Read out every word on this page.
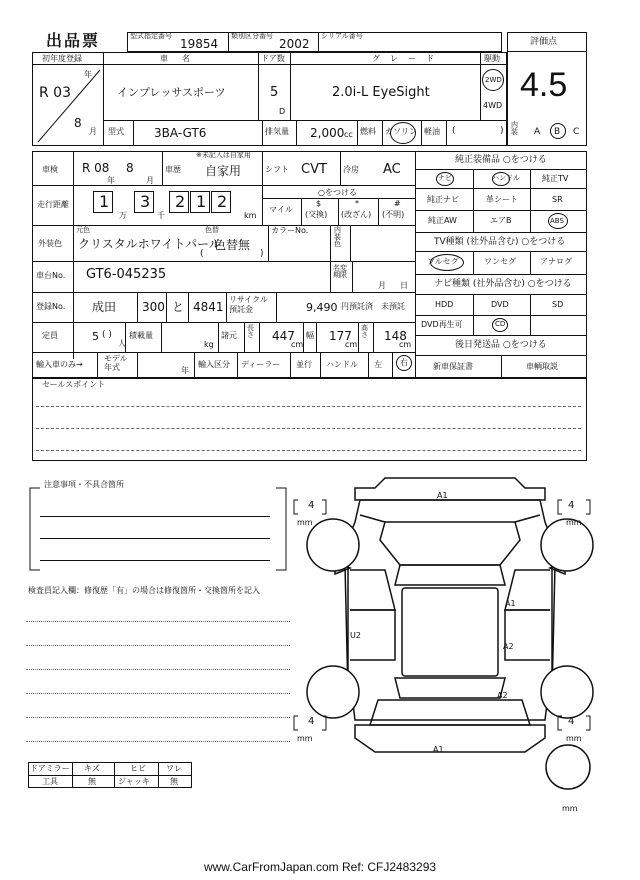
出品票	型式指定番号
19854
類別区分番号
2002
シリアル番号
評価点
4.5
初年度登録
年
R 03
8
月
車名
インプレッサスポーツ
ドア数
5
D
グレード
2.0i-L EyeSight
駆動
2WD
4WD
型式	3BA-GT6	排気量 2,000 cc 燃料 ガソリン 軽油 (	)
内装	A B C
車検 R 08
年
8
月
車歴
※未記入は自家用
自家用	シフト CVT 冷房 AC
走行距離 1
万
3
千
2 1 2
km
○をつける
マイル
$
(交換)
*
(改ざん)
#
(不明)
外装色
元色
クリスタルホワイトパール
色替
色替無
(	)
カラーNo.	内装色
車台No. GT6-045235	名変期限
月 日
登録No. 成田 300 と 4841
リサイクル預託金	9,490 円預託済 未預託
定員	5 ( )
人
積載量
kg
諸元
長さ 447
cm
幅 177
cm
高さ 148
cm
輸入車のみ→
モデル年式	年
輸入区分 ディーラー 並行 ハンドル 左 右
セールスポイント
純正装備品 ○をつける
ナビ	ハンドル	純正TV
純正ナビ	革シート	SR
純正AW	エアB	ABS
TV種類 (社外品含む) ○をつける
フルセグ	ワンセグ	アナログ
ナビ種類 (社外品含む) ○をつける
HDD	DVD	SD
DVD再生可	CD
後日発送品 ○をつける
新車保証書	車輌取説
注意事項・不具合箇所
検査員記入欄：修復歴「有」の場合は修復箇所・交換箇所を記入
ドアミラー キズ	ヒビ	ワレ
工具	無	ジャッキ	無
4
mm
4
mm
4
mm
4
mm
mm
A1
A1
U2
A2
A2
A1
www.CarFromJapan.com Ref: CFJ2483293
